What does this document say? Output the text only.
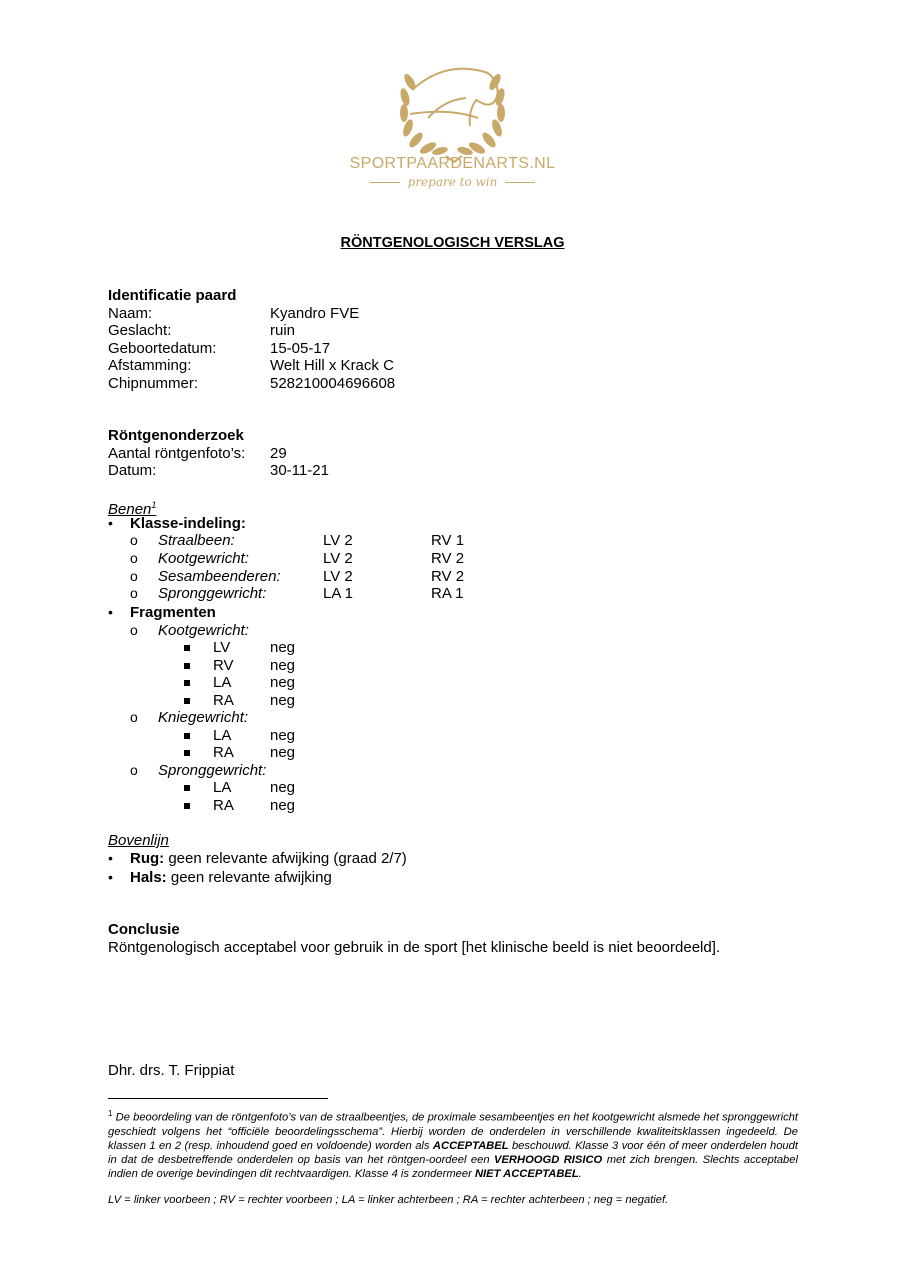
SPORTPAARDENARTS.NL
prepare to win
RÖNTGENOLOGISCH VERSLAG
Identificatie paard
Naam:	Kyandro FVE
Geslacht:	ruin
Geboortedatum:	15-05-17
Afstamming:	Welt Hill x Krack C
Chipnummer:	528210004696608
Röntgenonderzoek
Aantal röntgenfoto’s: 29
Datum:	30-11-21
Benen$^1$
• Klasse-indeling:
o Straalbeen:	LV 2	RV 1
o Kootgewricht:	LV 2	RV 2
o Sesambeenderen:	LV 2	RV 2
o Spronggewricht:	LA 1	RA 1
• Fragmenten
o Kootgewricht:
LV	neg
RV neg
LA	neg
RA neg
o Kniegewricht:
LA	neg
RA neg
o Spronggewricht:
LA	neg
RA neg
Bovenlijn
• Rug: geen relevante afwijking (graad 2/7)
• Hals: geen relevante afwijking
Conclusie
Röntgenologisch acceptabel voor gebruik in de sport [het klinische beeld is niet beoordeeld].
Dhr. drs. T. Frippiat
$^1$ De beoordeling van de röntgenfoto’s van de straalbeentjes, de proximale sesambeentjes en het kootgewricht alsmede het spronggewricht geschiedt volgens het “officiële beoordelingsschema”. Hierbij worden de onderdelen in verschillende kwaliteitsklassen ingedeeld. De klassen 1 en 2 (resp. inhoudend goed en voldoende) worden als ACCEPTABEL beschouwd. Klasse 3 voor één of meer onderdelen houdt in dat de desbetreffende onderdelen op basis van het röntgen-oordeel een VERHOOGD RISICO met zich brengen. Slechts acceptabel indien de overige bevindingen dit rechtvaardigen. Klasse 4 is zondermeer NIET ACCEPTABEL.
LV = linker voorbeen ; RV = rechter voorbeen ; LA = linker achterbeen ; RA = rechter achterbeen ; neg = negatief.
